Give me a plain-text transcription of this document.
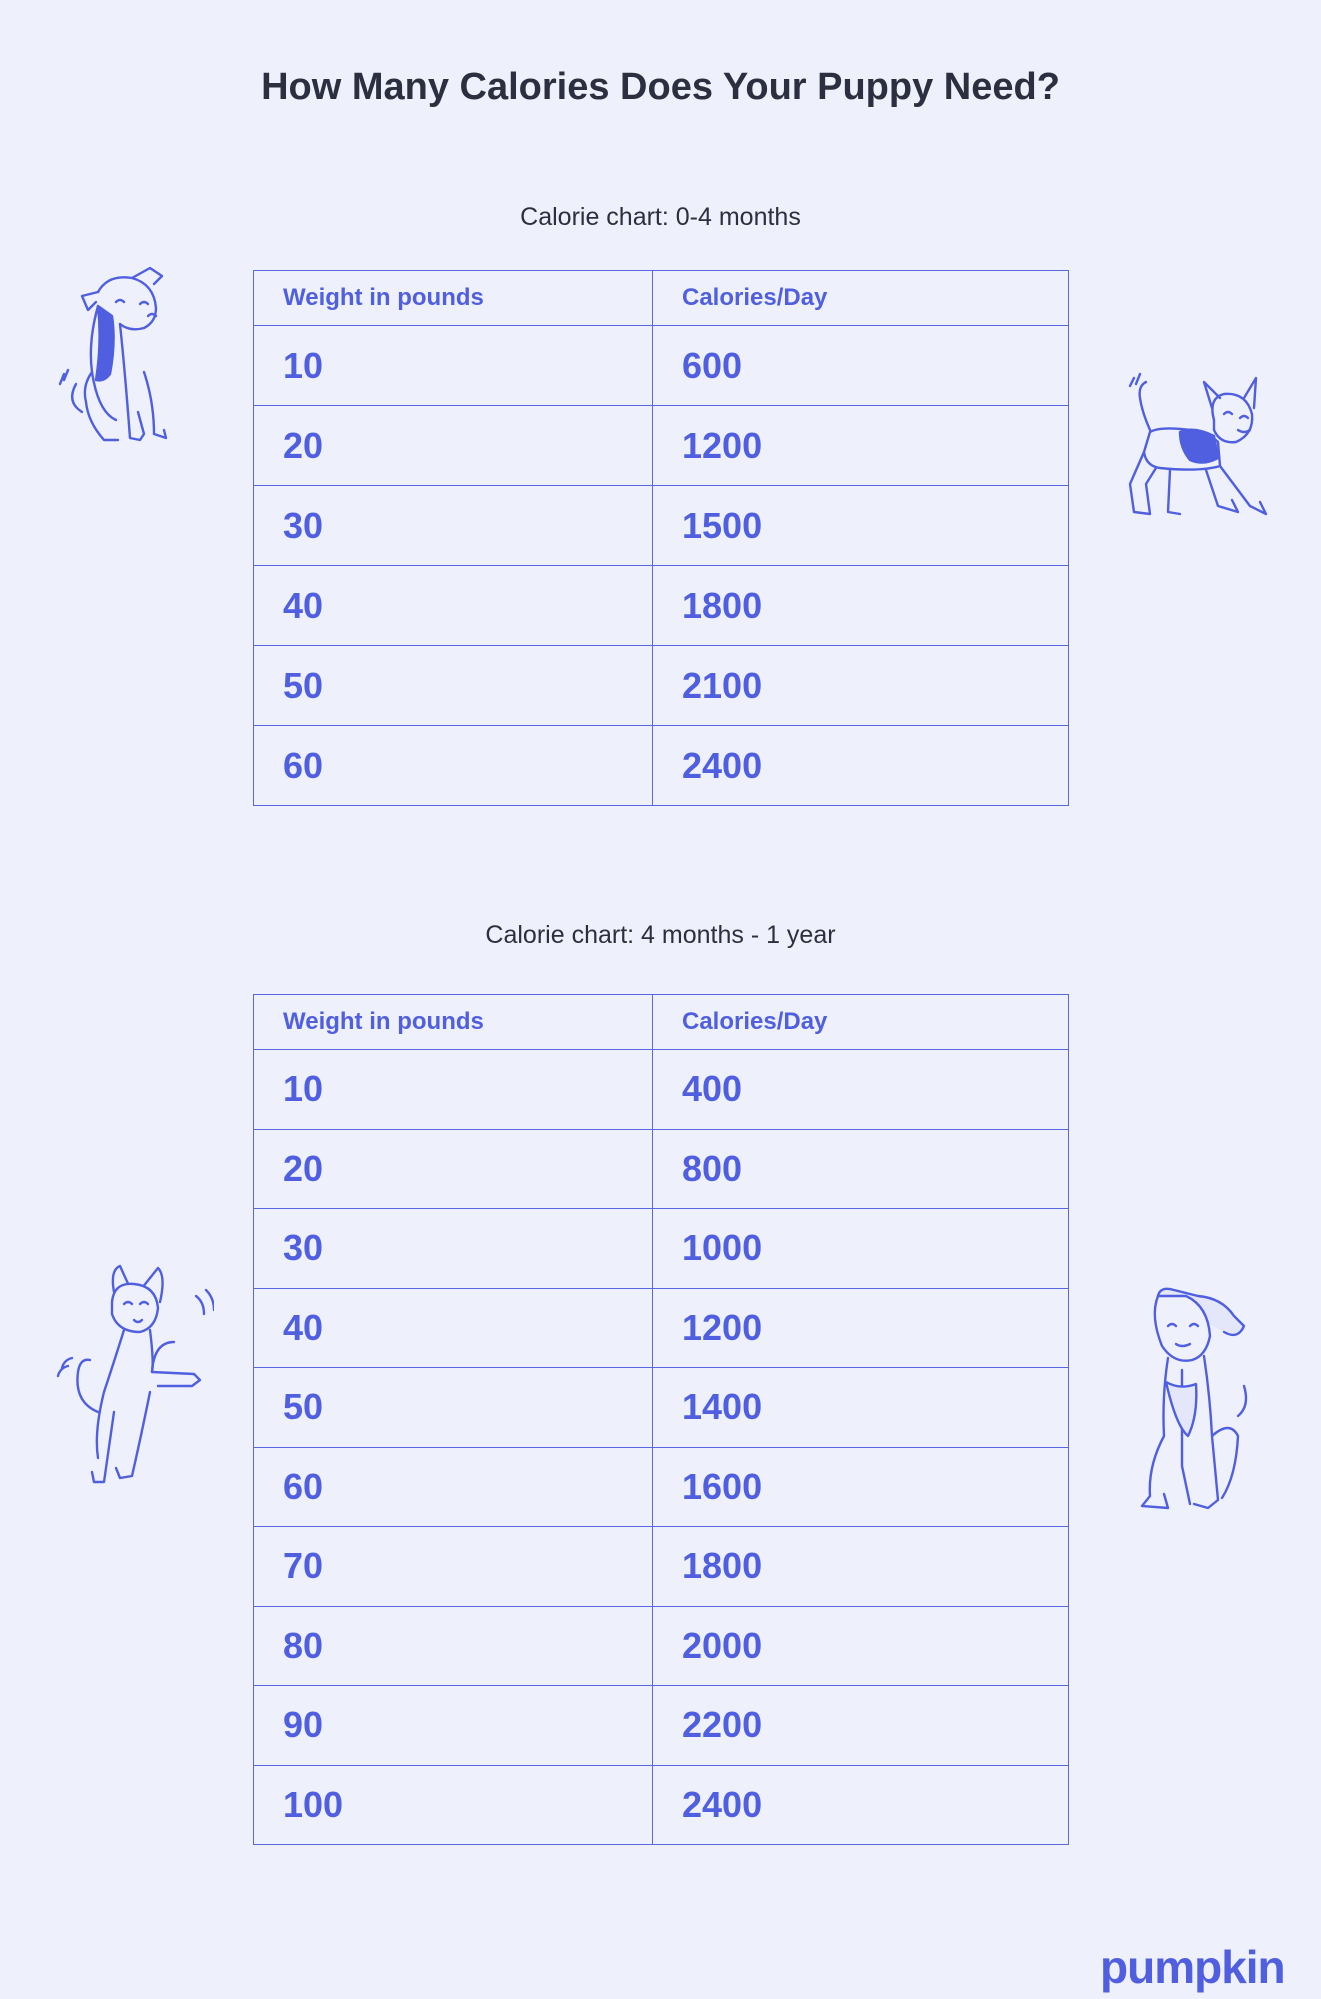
How Many Calories Does Your Puppy Need?
Calorie chart: 0-4 months
Weight in pounds	Calories/Day
10	600
20	1200
30	1500
40	1800
50	2100
60	2400
Calorie chart: 4 months - 1 year
Weight in pounds	Calories/Day
10	400
20	800
30	1000
40	1200
50	1400
60	1600
70	1800
80	2000
90	2200
100	2400
pumpkin
